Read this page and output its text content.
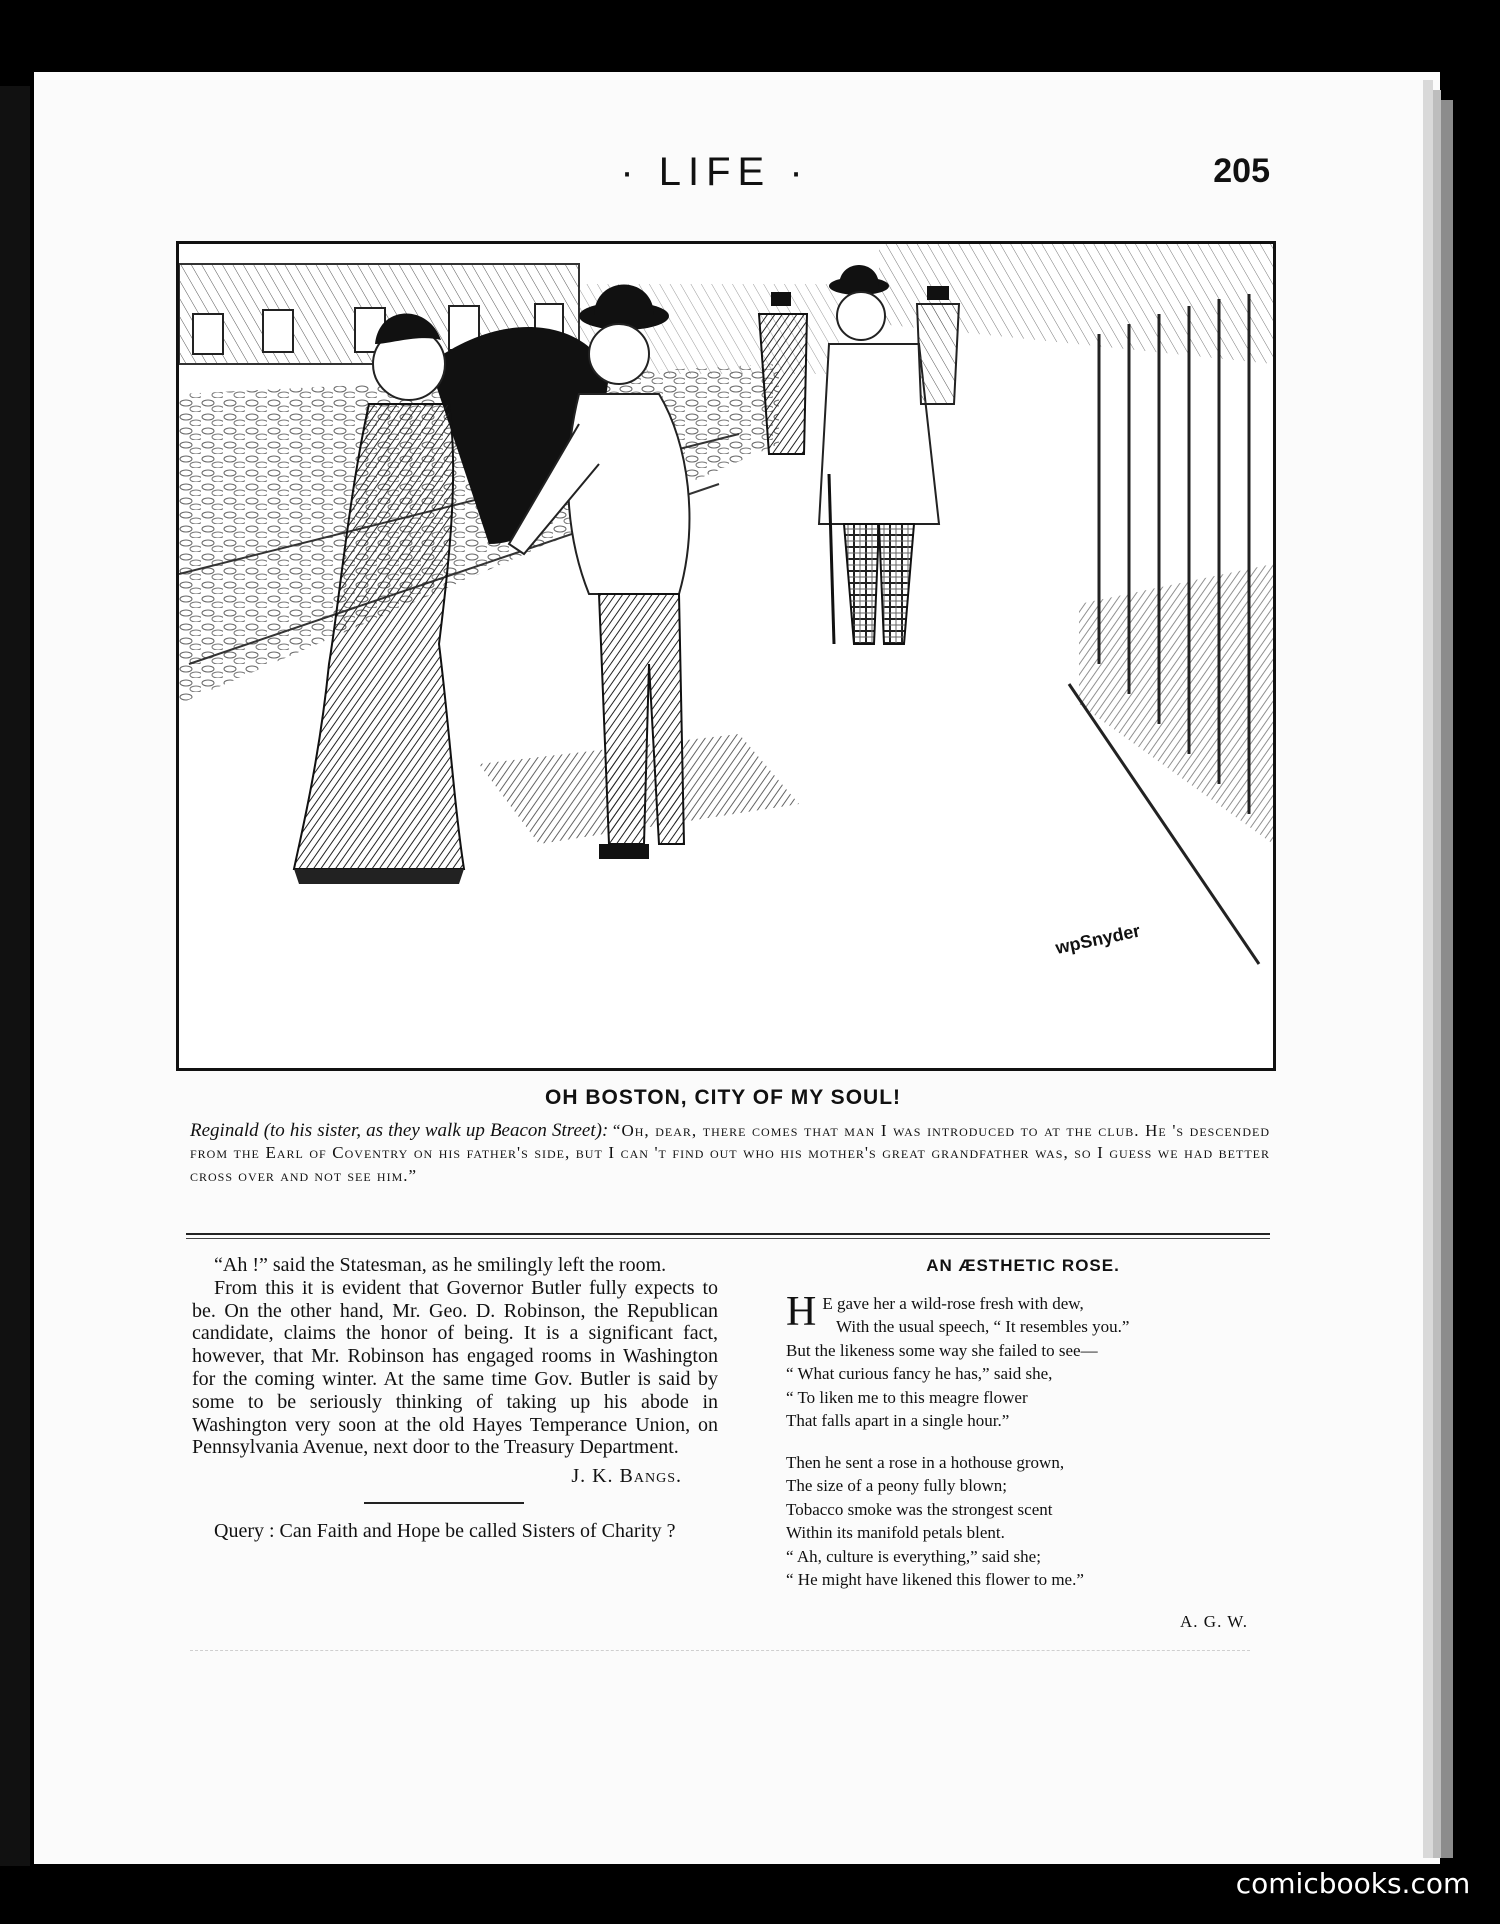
· LIFE ·	205
wpSnyder
OH BOSTON, CITY OF MY SOUL!
Reginald (to his sister, as they walk up Beacon Street): “Oh, dear, there comes that man I was introduced to at the club. He 's descended from the Earl of Coventry on his father's side, but I can 't find out who his mother's great grandfather was, so I guess we had better cross over and not see him.”

“Ah !” said the Statesman, as he smilingly left the room.

From this it is evident that Governor Butler fully expects to be. On the other hand, Mr. Geo. D. Robinson, the Republican candidate, claims the honor of being. It is a significant fact, however, that Mr. Robinson has engaged rooms in Washington for the coming winter. At the same time Gov. Butler is said by some to be seriously thinking of taking up his abode in Washington very soon at the old Hayes Temperance Union, on Pennsylvania Avenue, next door to the Treasury Department.

J. K. Bangs.

Query : Can Faith and Hope be called Sisters of Charity ?

AN ÆSTHETIC ROSE.
H E gave her a wild-rose fresh with dew,
With the usual speech, “ It resembles you.”
But the likeness some way she failed to see—
“ What curious fancy he has,” said she,
“ To liken me to this meagre flower
That falls apart in a single hour.”
Then he sent a rose in a hothouse grown,
The size of a peony fully blown;
Tobacco smoke was the strongest scent
Within its manifold petals blent.
“ Ah, culture is everything,” said she;
“ He might have likened this flower to me.”
A. G. W.
comicbooks.com
